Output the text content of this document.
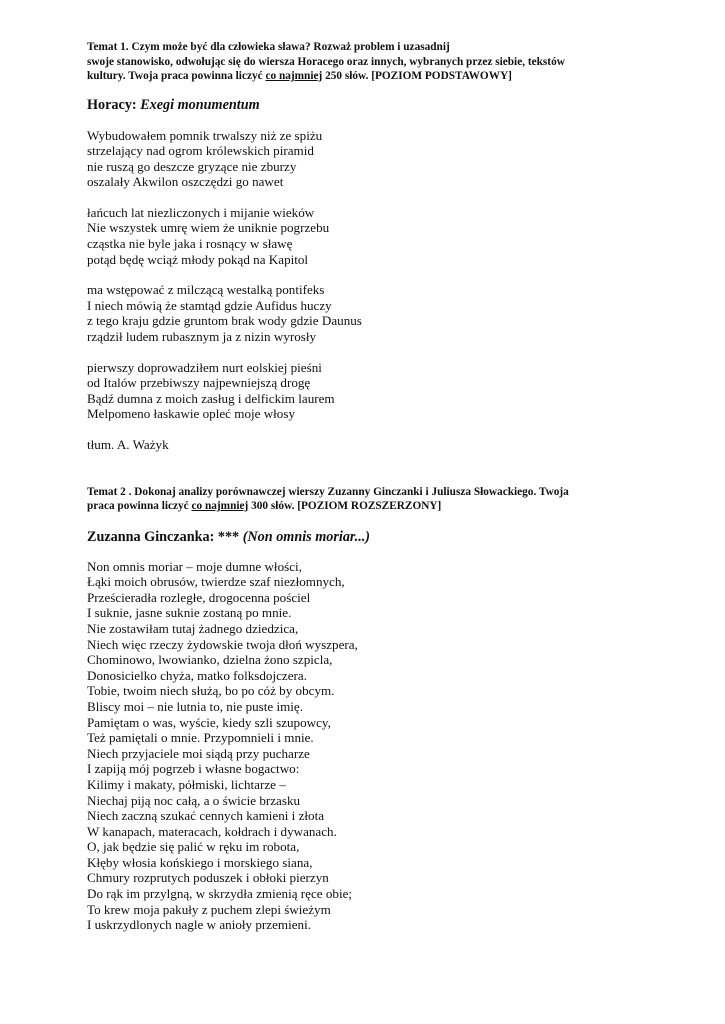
Temat 1. Czym może być dla człowieka sława? Rozważ problem i uzasadnij
swoje stanowisko, odwołując się do wiersza Horacego oraz innych, wybranych przez siebie, tekstów
kultury. Twoja praca powinna liczyć co najmniej 250 słów. [POZIOM PODSTAWOWY]
Horacy: Exegi monumentum
Wybudowałem pomnik trwalszy niż ze spiżu
strzelający nad ogrom królewskich piramid
nie ruszą go deszcze gryzące nie zburzy
oszalały Akwilon oszczędzi go nawet
łańcuch lat niezliczonych i mijanie wieków
Nie wszystek umrę wiem że uniknie pogrzebu
cząstka nie byle jaka i rosnący w sławę
potąd będę wciąż młody pokąd na Kapitol
ma wstępować z milczącą westalką pontifeks
I niech mówią że stamtąd gdzie Aufidus huczy
z tego kraju gdzie gruntom brak wody gdzie Daunus
rządził ludem rubasznym ja z nizin wyrosły
pierwszy doprowadziłem nurt eolskiej pieśni
od Italów przebiwszy najpewniejszą drogę
Bądź dumna z moich zasług i delfickim laurem
Melpomeno łaskawie opleć moje włosy

tłum. A. Ważyk

Temat 2 . Dokonaj analizy porównawczej wierszy Zuzanny Ginczanki i Juliusza Słowackiego. Twoja
praca powinna liczyć co najmniej 300 słów. [POZIOM ROZSZERZONY]
Zuzanna Ginczanka: *** (Non omnis moriar...)
Non omnis moriar – moje dumne włości,
Łąki moich obrusów, twierdze szaf niezłomnych,
Prześcieradła rozległe, drogocenna pościel
I suknie, jasne suknie zostaną po mnie.
Nie zostawiłam tutaj żadnego dziedzica,
Niech więc rzeczy żydowskie twoja dłoń wyszpera,
Chominowo, lwowianko, dzielna żono szpicla,
Donosicielko chyża, matko folksdojczera.
Tobie, twoim niech służą, bo po cóż by obcym.
Bliscy moi – nie lutnia to, nie puste imię.
Pamiętam o was, wyście, kiedy szli szupowcy,
Też pamiętali o mnie. Przypomnieli i mnie.
Niech przyjaciele moi siądą przy pucharze
I zapiją mój pogrzeb i własne bogactwo:
Kilimy i makaty, półmiski, lichtarze –
Niechaj piją noc całą, a o świcie brzasku
Niech zaczną szukać cennych kamieni i złota
W kanapach, materacach, kołdrach i dywanach.
O, jak będzie się palić w ręku im robota,
Kłęby włosia końskiego i morskiego siana,
Chmury rozprutych poduszek i obłoki pierzyn
Do rąk im przylgną, w skrzydła zmienią ręce obie;
To krew moja pakuły z puchem zlepi świeżym
I uskrzydlonych nagle w anioły przemieni.
